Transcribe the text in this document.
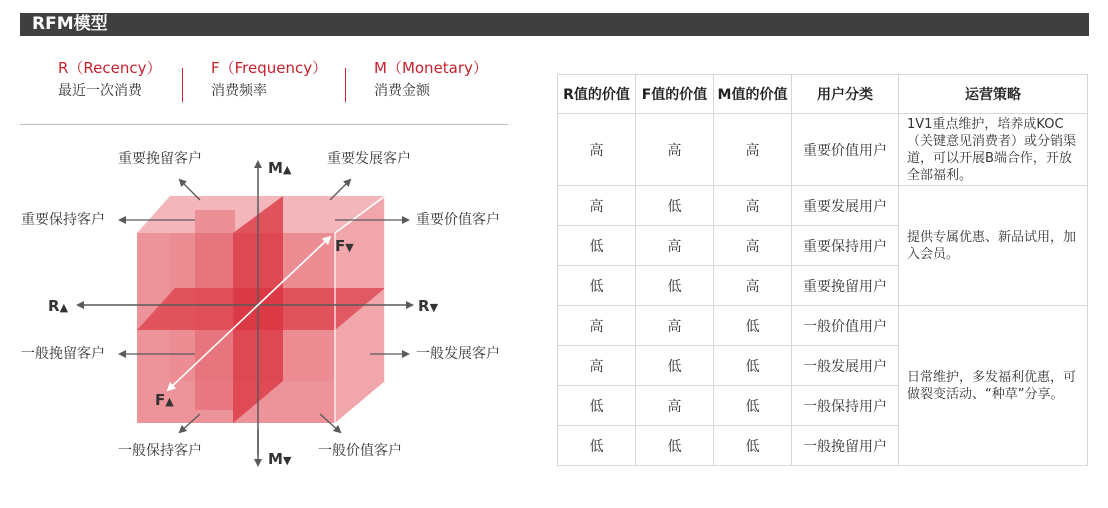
RFM模型
R（Recency）
最近一次消费
F（Frequency）
消费频率
M（Monetary）
消费金额
重要挽留客户	重要发展客户
重要保持客户	重要价值客户
一般挽留客户	一般发展客户
一般保持客户	一般价值客户
M▲
M▼
R▲	R▼
F▼
F▲
R值的价值	F值的价值	M值的价值	用户分类	运营策略
高	高	高	重要价值用户	1V1重点维护，培养成KOC（关键意见消费者）或分销渠道，可以开展B端合作，开放全部福利。
高	低	高	重要发展用户	提供专属优惠、新品试用，加入会员。
低	高	高	重要保持用户	
低	低	高	重要挽留用户	
高	高	低	一般价值用户	日常维护，多发福利优惠，可做裂变活动、“种草”分享。
高	低	低	一般发展用户	
低	高	低	一般保持用户	
低	低	低	一般挽留用户	
